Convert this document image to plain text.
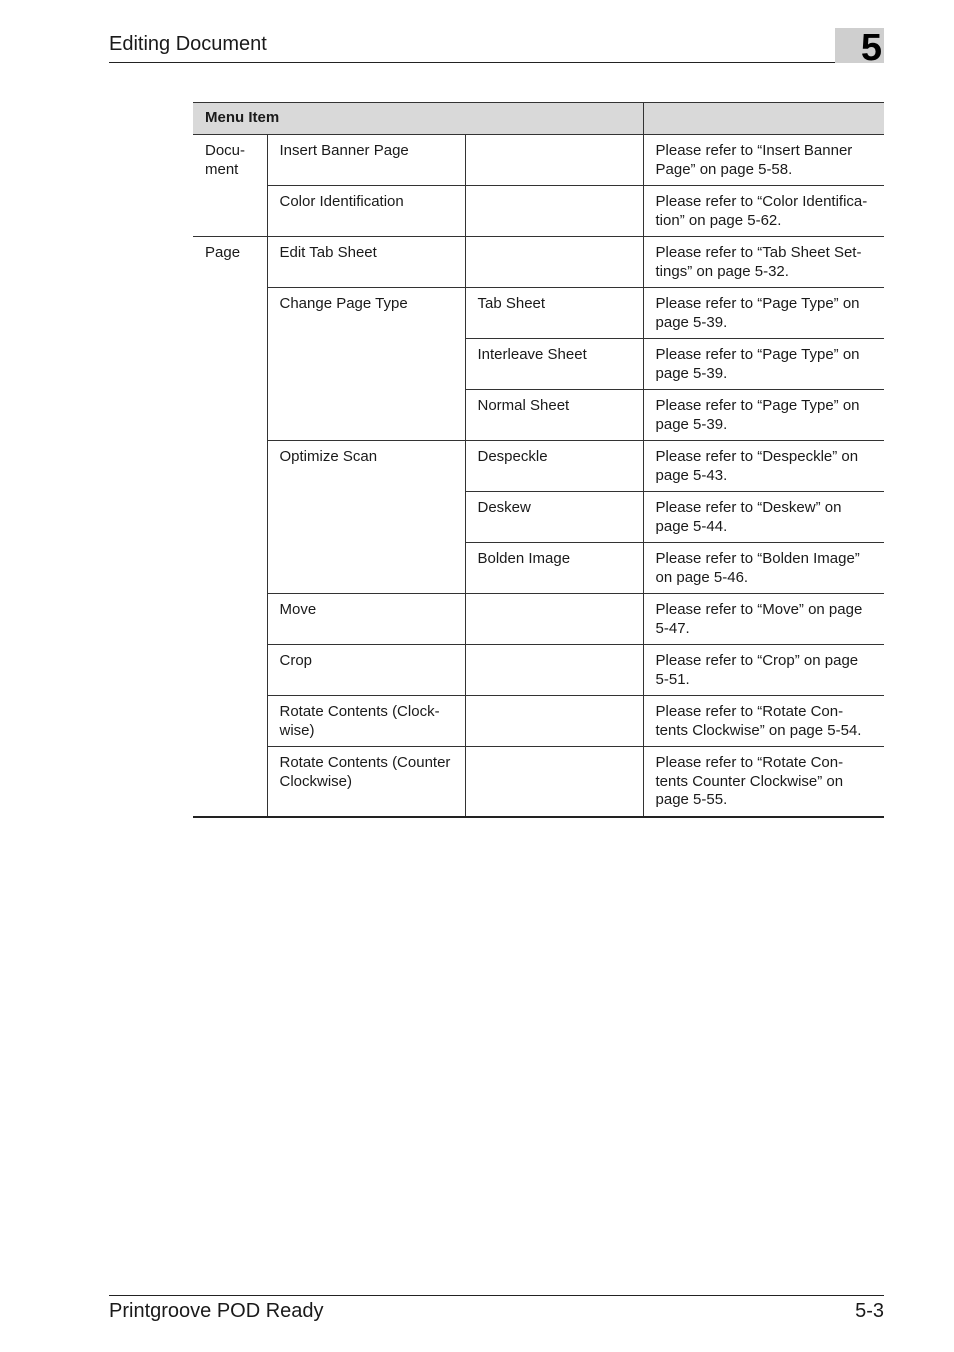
Editing Document	5
Menu Item			
Docu-
ment	Insert Banner Page		Please refer to “Insert Banner Page” on page 5-58.
	Color Identification		Please refer to “Color Identifica-tion” on page 5-62.
Page	Edit Tab Sheet		Please refer to “Tab Sheet Set-tings” on page 5-32.
	Change Page Type	Tab Sheet	Please refer to “Page Type” on page 5-39.
		Interleave Sheet	Please refer to “Page Type” on page 5-39.
		Normal Sheet	Please refer to “Page Type” on page 5-39.
	Optimize Scan	Despeckle	Please refer to “Despeckle” on page 5-43.
		Deskew	Please refer to “Deskew” on page 5-44.
		Bolden Image	Please refer to “Bolden Image” on page 5-46.
	Move		Please refer to “Move” on page 5-47.
	Crop		Please refer to “Crop” on page 5-51.
	Rotate Contents (Clock-wise)		Please refer to “Rotate Con-tents Clockwise” on page 5-54.
	Rotate Contents (Counter Clockwise)		Please refer to “Rotate Con-tents Counter Clockwise” on page 5-55.
Printgroove POD Ready	5-3
